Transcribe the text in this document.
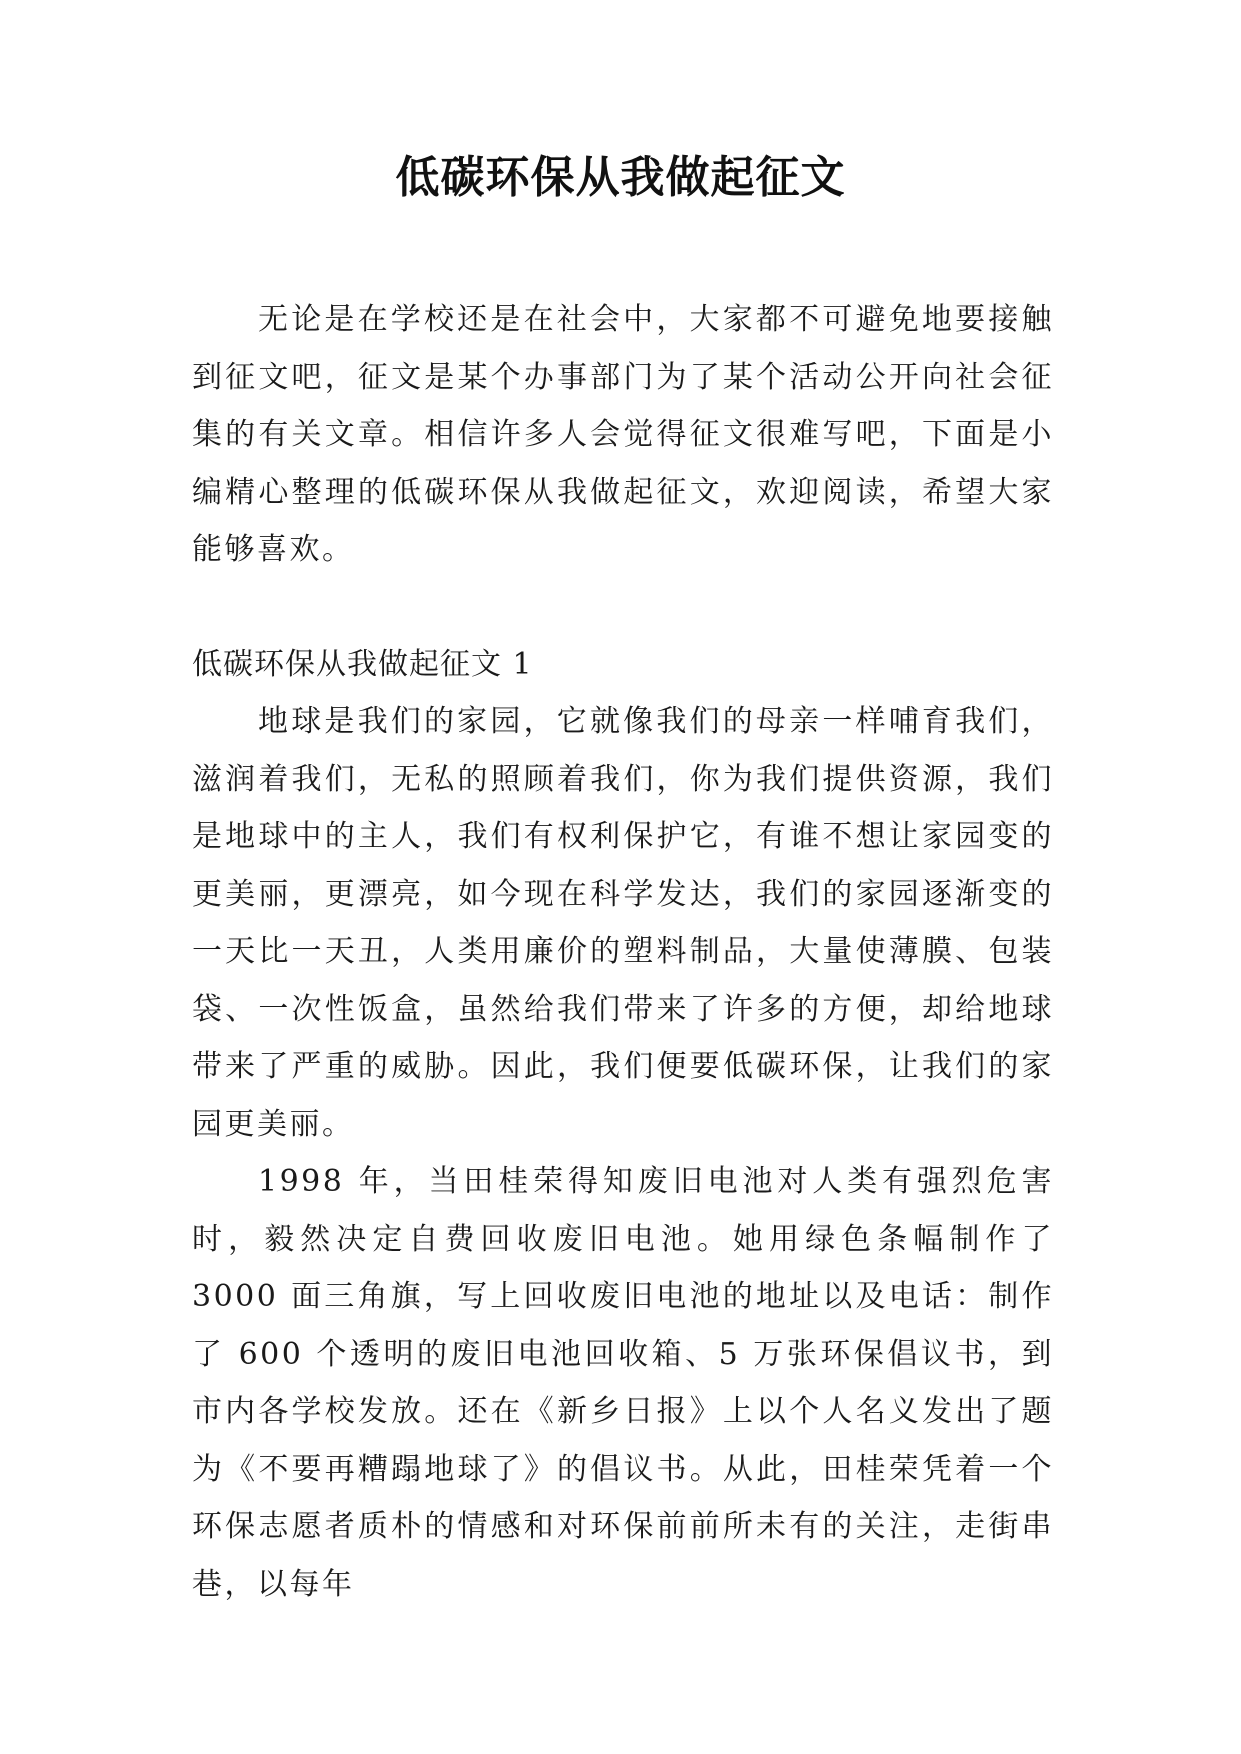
低碳环保从我做起征文

无论是在学校还是在社会中，大家都不可避免地要接触到征文吧，征文是某个办事部门为了某个活动公开向社会征集的有关文章。相信许多人会觉得征文很难写吧，下面是小编精心整理的低碳环保从我做起征文，欢迎阅读，希望大家能够喜欢。

低碳环保从我做起征文 1

地球是我们的家园，它就像我们的母亲一样哺育我们，滋润着我们，无私的照顾着我们，你为我们提供资源，我们是地球中的主人，我们有权利保护它，有谁不想让家园变的更美丽，更漂亮，如今现在科学发达，我们的家园逐渐变的一天比一天丑，人类用廉价的塑料制品，大量使薄膜、包装袋、一次性饭盒，虽然给我们带来了许多的方便，却给地球带来了严重的威胁。因此，我们便要低碳环保，让我们的家园更美丽。

1998 年，当田桂荣得知废旧电池对人类有强烈危害时，毅然决定自费回收废旧电池。她用绿色条幅制作了 3000 面三角旗，写上回收废旧电池的地址以及电话：制作了 600 个透明的废旧电池回收箱、5 万张环保倡议书，到市内各学校发放。还在《新乡日报》上以个人名义发出了题为《不要再糟蹋地球了》的倡议书。从此，田桂荣凭着一个环保志愿者质朴的情感和对环保前前所未有的关注，走街串巷，以每年
